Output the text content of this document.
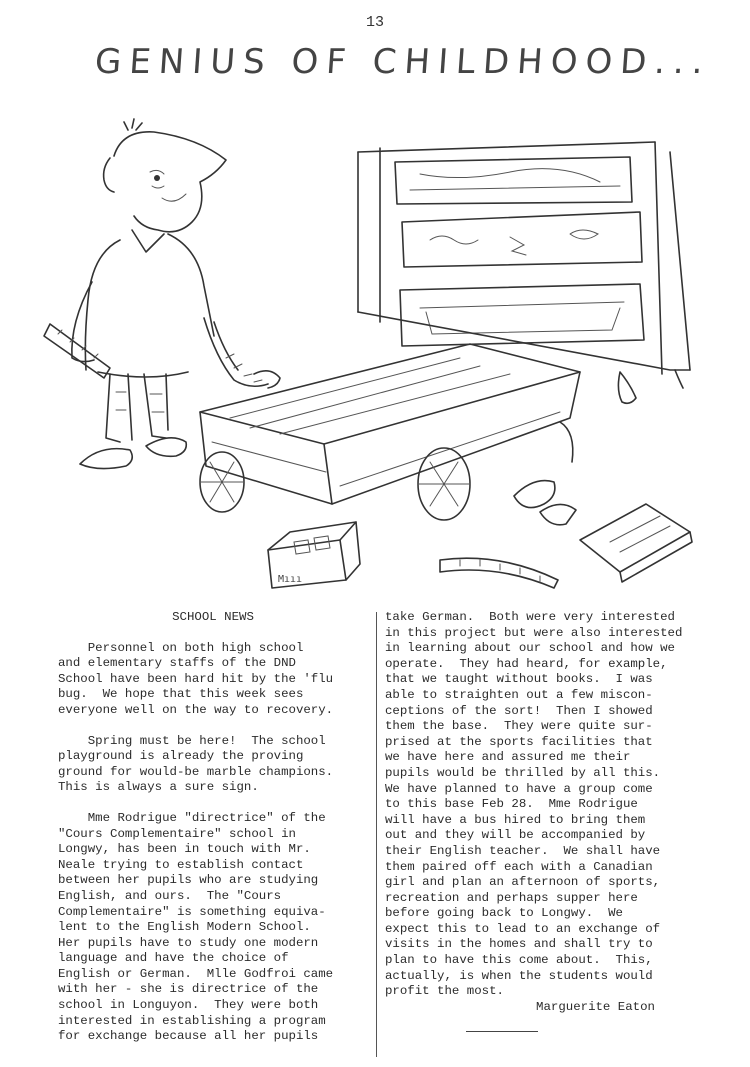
13
GENIUS OF CHILDHOOD...
Mııı
SCHOOL NEWS

Personnel on both high school
and elementary staffs of the DND
School have been hard hit by the 'flu
bug.  We hope that this week sees
everyone well on the way to recovery.

Spring must be here!  The school
playground is already the proving
ground for would-be marble champions.
This is always a sure sign.

Mme Rodrigue "directrice" of the
"Cours Complementaire" school in
Longwy, has been in touch with Mr.
Neale trying to establish contact
between her pupils who are studying
English, and ours.  The "Cours
Complementaire" is something equiva-
lent to the English Modern School.
Her pupils have to study one modern
language and have the choice of
English or German.  Mlle Godfroi came
with her - she is directrice of the
school in Longuyon.  They were both
interested in establishing a program
for exchange because all her pupils

take German.  Both were very interested
in this project but were also interested
in learning about our school and how we
operate.  They had heard, for example,
that we taught without books.  I was
able to straighten out a few miscon-
ceptions of the sort!  Then I showed
them the base.  They were quite sur-
prised at the sports facilities that
we have here and assured me their
pupils would be thrilled by all this.
We have planned to have a group come
to this base Feb 28.  Mme Rodrigue
will have a bus hired to bring them
out and they will be accompanied by
their English teacher.  We shall have
them paired off each with a Canadian
girl and plan an afternoon of sports,
recreation and perhaps supper here
before going back to Longwy.  We
expect this to lead to an exchange of
visits in the homes and shall try to
plan to have this come about.  This,
actually, is when the students would
profit the most.

Marguerite Eaton
